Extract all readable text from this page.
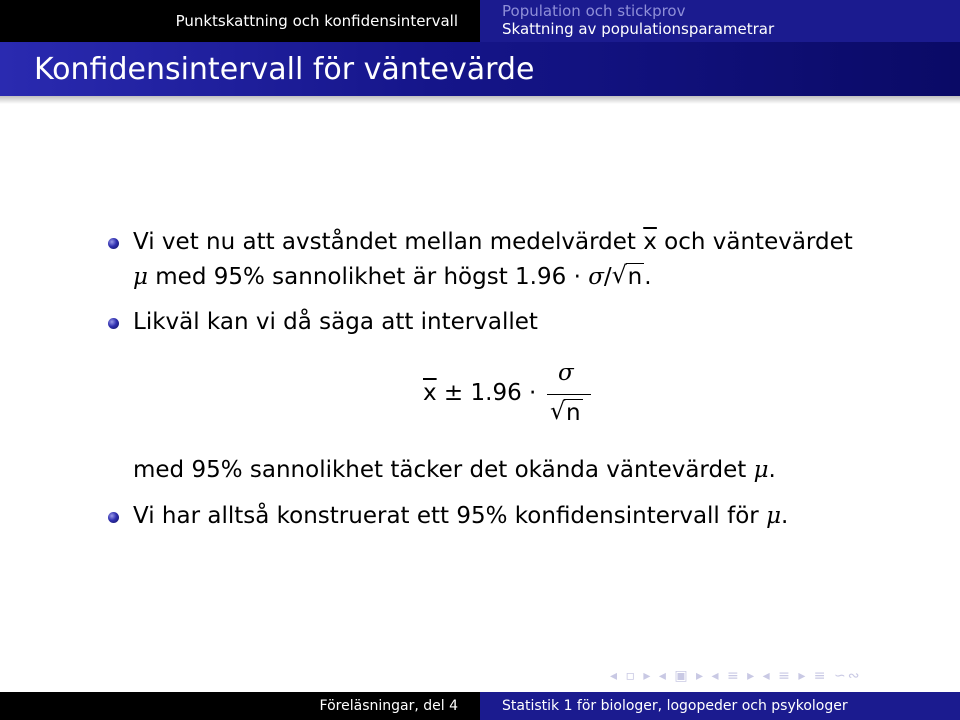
Punktskattning och konfidensintervall
Population och stickprov
Skattning av populationsparametrar
Konfidensintervall för väntevärde
Vi vet nu att avståndet mellan medelvärdet $\overline{x}$ och väntevärdet
μ med 95% sannolikhet är högst 1.96 · σ/ √ n.
Likväl kan vi då säga att intervallet
$\overline{x} \pm 1.96$ ·
σ
√ n
med 95% sannolikhet täcker det okända väntevärdet μ.
Vi har alltså konstruerat ett 95% konfidensintervall för μ.
◂ ▫ ▸ ◂ ▣ ▸ ◂ ≡ ▸ ◂ ≡ ▸ ≡ ∽∾
Föreläsningar, del 4	Statistik 1 för biologer, logopeder och psykologer
